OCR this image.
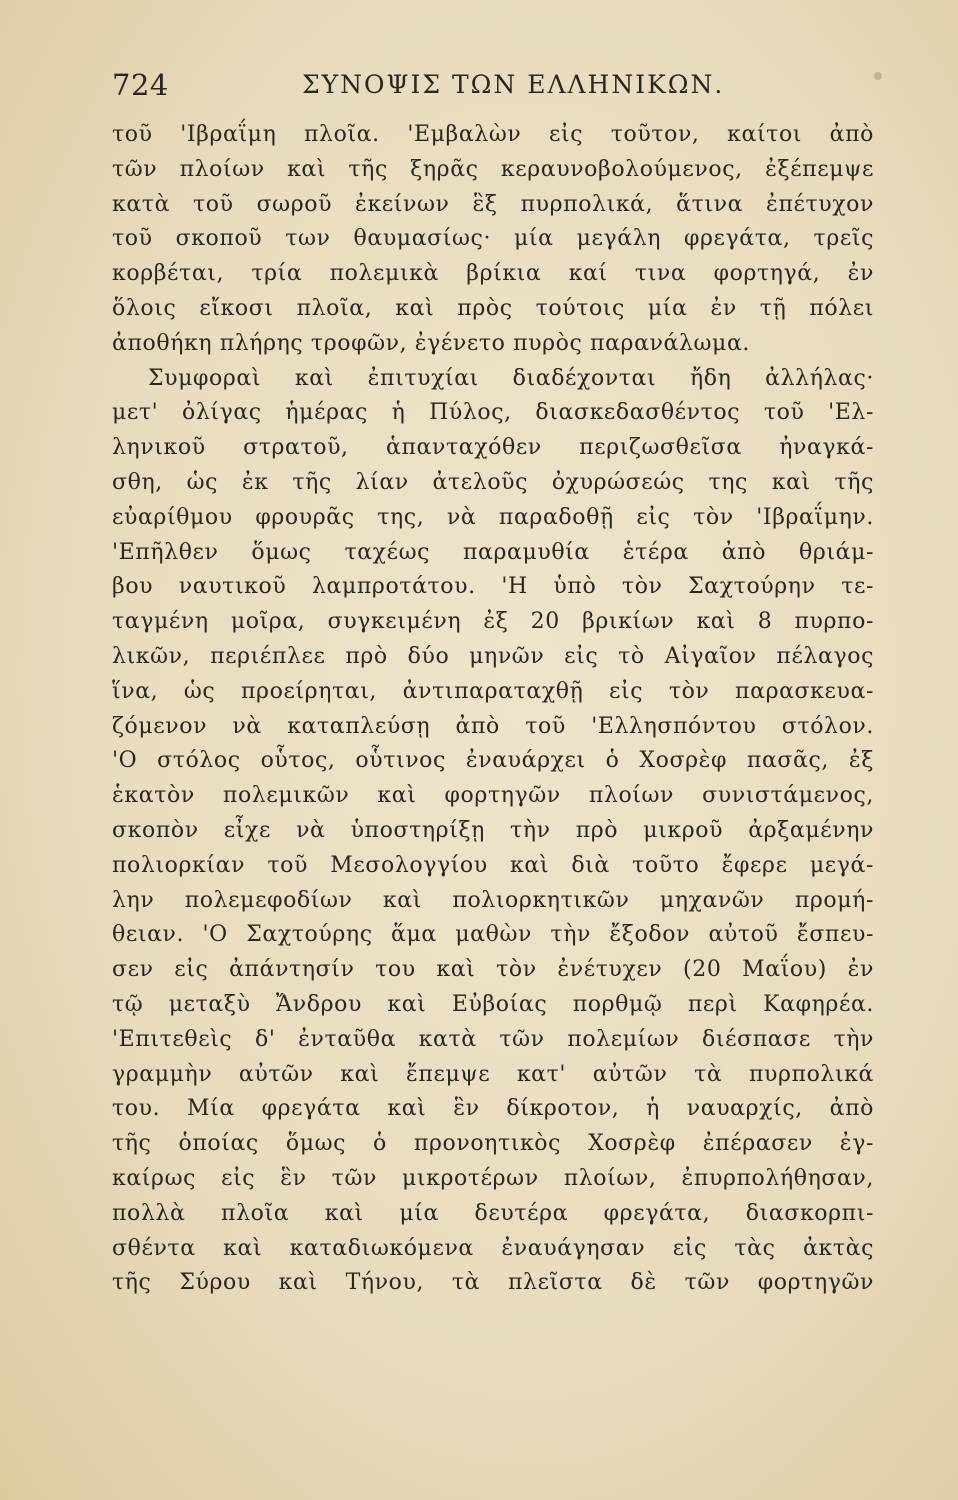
724	ΣΥΝΟΨΙΣ ΤΩΝ ΕΛΛΗΝΙΚΩΝ.
τοῦ 'Ιβραΐμη πλοῖα. 'Εμβαλὼν εἰς τοῦτον, καίτοι ἀπὸ
τῶν πλοίων καὶ τῆς ξηρᾶς κεραυνοβολούμενος, ἐξέπεμψε
κατὰ τοῦ σωροῦ ἐκείνων ἓξ πυρπολικά, ἅτινα ἐπέτυχον
τοῦ σκοποῦ των θαυμασίως· μία μεγάλη φρεγάτα, τρεῖς
κορβέται, τρία πολεμικὰ βρίκια καί τινα φορτηγά, ἐν
ὅλοις εἴκοσι πλοῖα, καὶ πρὸς τούτοις μία ἐν τῇ πόλει
ἀποθήκη πλήρης τροφῶν, ἐγένετο πυρὸς παρανάλωμα.
Συμφοραὶ καὶ ἐπιτυχίαι διαδέχονται ἤδη ἀλλήλας·
μετ' ὀλίγας ἡμέρας ἡ Πύλος, διασκεδασθέντος τοῦ 'Ελ-
ληνικοῦ στρατοῦ, ἁπανταχόθεν περιζωσθεῖσα ἠναγκά-
σθη, ὡς ἐκ τῆς λίαν ἀτελοῦς ὀχυρώσεώς της καὶ τῆς
εὐαρίθμου φρουρᾶς της, νὰ παραδοθῇ εἰς τὸν 'Ιβραΐμην.
'Επῆλθεν ὅμως ταχέως παραμυθία ἑτέρα ἀπὸ θριάμ-
βου ναυτικοῦ λαμπροτάτου. 'Η ὑπὸ τὸν Σαχτούρην τε-
ταγμένη μοῖρα, συγκειμένη ἐξ 20 βρικίων καὶ 8 πυρπο-
λικῶν, περιέπλεε πρὸ δύο μηνῶν εἰς τὸ Αἰγαῖον πέλαγος
ἵνα, ὡς προείρηται, ἀντιπαραταχθῇ εἰς τὸν παρασκευα-
ζόμενον νὰ καταπλεύσῃ ἀπὸ τοῦ 'Ελλησπόντου στόλον.
'Ο στόλος οὗτος, οὗτινος ἐναυάρχει ὁ Χοσρὲφ πασᾶς, ἐξ
ἑκατὸν πολεμικῶν καὶ φορτηγῶν πλοίων συνιστάμενος,
σκοπὸν εἶχε νὰ ὑποστηρίξῃ τὴν πρὸ μικροῦ ἀρξαμένην
πολιορκίαν τοῦ Μεσολογγίου καὶ διὰ τοῦτο ἔφερε μεγά-
λην πολεμεφοδίων καὶ πολιορκητικῶν μηχανῶν προμή-
θειαν. 'Ο Σαχτούρης ἅμα μαθὼν τὴν ἔξοδον αὐτοῦ ἔσπευ-
σεν εἰς ἀπάντησίν του καὶ τὸν ἐνέτυχεν (20 Μαΐου) ἐν
τῷ μεταξὺ Ἄνδρου καὶ Εὐβοίας πορθμῷ περὶ Καφηρέα.
'Επιτεθεὶς δ' ἐνταῦθα κατὰ τῶν πολεμίων διέσπασε τὴν
γραμμὴν αὐτῶν καὶ ἔπεμψε κατ' αὐτῶν τὰ πυρπολικά
του. Μία φρεγάτα καὶ ἓν δίκροτον, ἡ ναυαρχίς, ἀπὸ
τῆς ὁποίας ὅμως ὁ προνοητικὸς Χοσρὲφ ἐπέρασεν ἐγ-
καίρως εἰς ἓν τῶν μικροτέρων πλοίων, ἐπυρπολήθησαν,
πολλὰ πλοῖα καὶ μία δευτέρα φρεγάτα, διασκορπι-
σθέντα καὶ καταδιωκόμενα ἐναυάγησαν εἰς τὰς ἀκτὰς
τῆς Σύρου καὶ Τήνου, τὰ πλεῖστα δὲ τῶν φορτηγῶν
